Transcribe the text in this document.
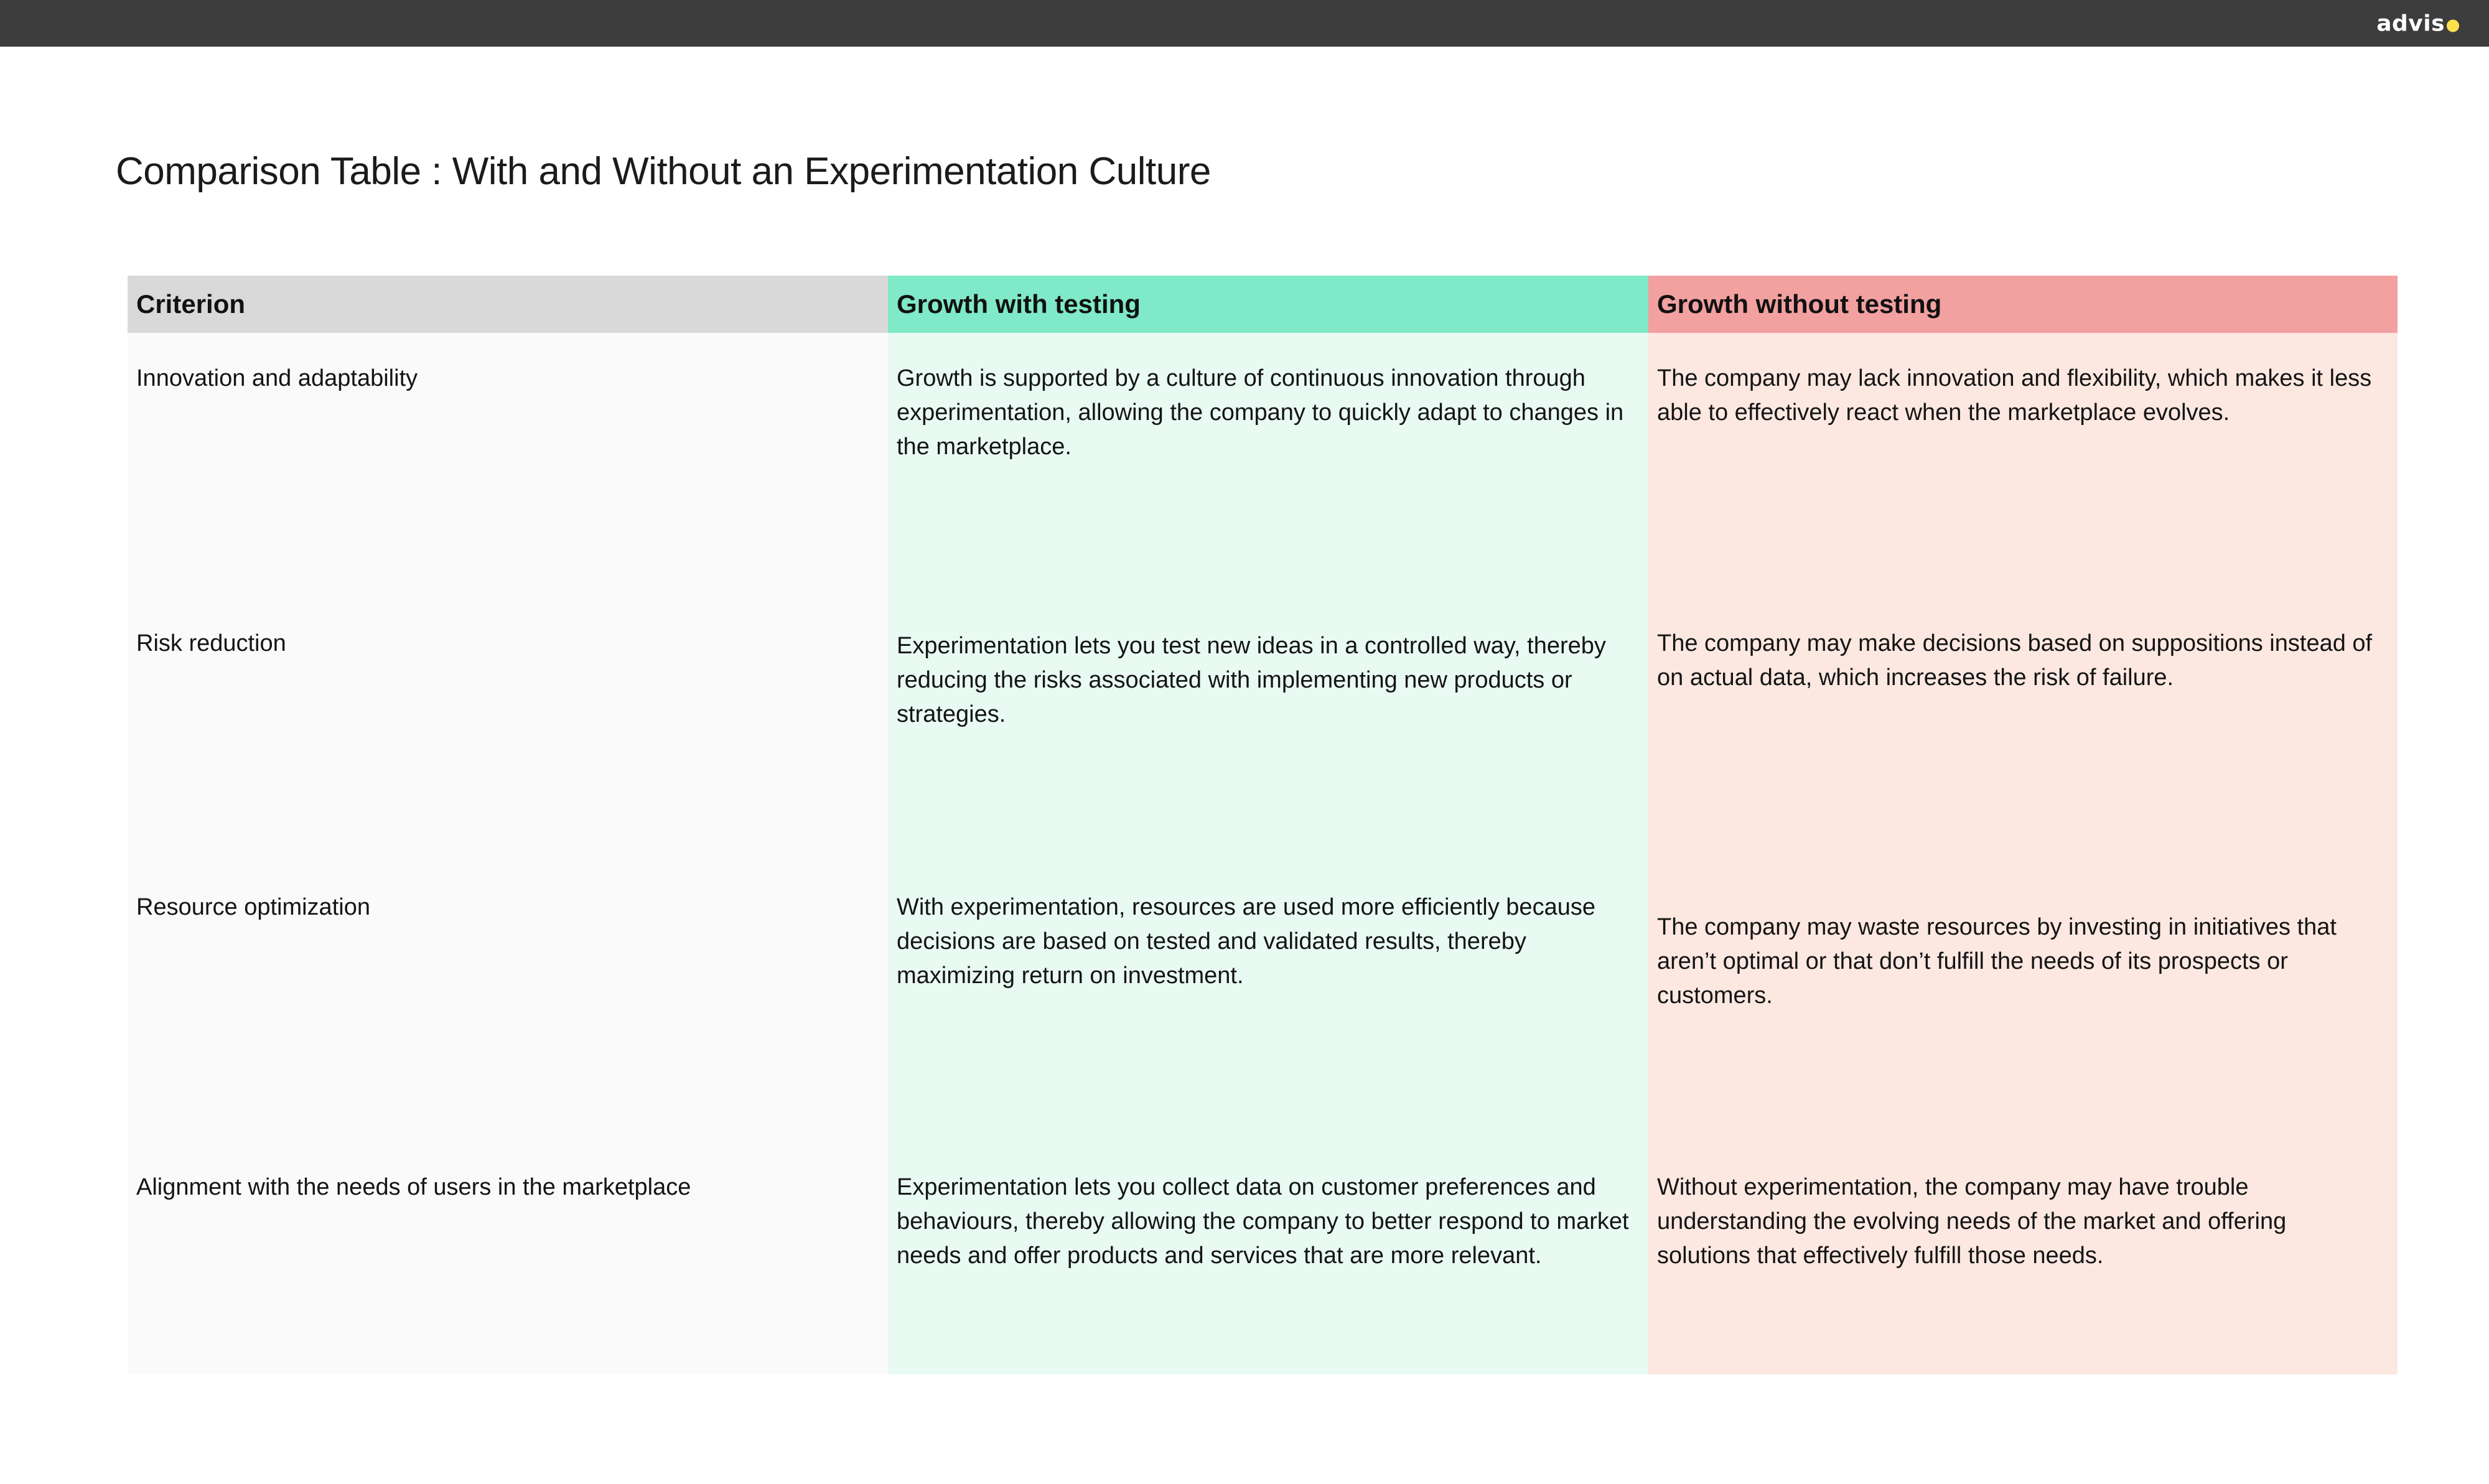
advis
Comparison Table : With and Without an Experimentation Culture
Criterion	Growth with testing	Growth without testing

Innovation and adaptability	Growth is supported by a culture of continuous innovation through experimentation, allowing the company to quickly adapt to changes in the marketplace.	The company may lack innovation and flexibility, which makes it less able to effectively react when the marketplace evolves.

Risk reduction	Experimentation lets you test new ideas in a controlled way, thereby reducing the risks associated with implementing new products or strategies.	The company may make decisions based on suppositions instead of on actual data, which increases the risk of failure.

Resource optimization	With experimentation, resources are used more efficiently because decisions are based on tested and validated results, thereby maximizing return on investment.	The company may waste resources by investing in initiatives that aren’t optimal or that don’t fulfill the needs of its prospects or customers.

Alignment with the needs of users in the marketplace	Experimentation lets you collect data on customer preferences and behaviours, thereby allowing the company to better respond to market needs and offer products and services that are more relevant.	Without experimentation, the company may have trouble understanding the evolving needs of the market and offering solutions that effectively fulfill those needs.
